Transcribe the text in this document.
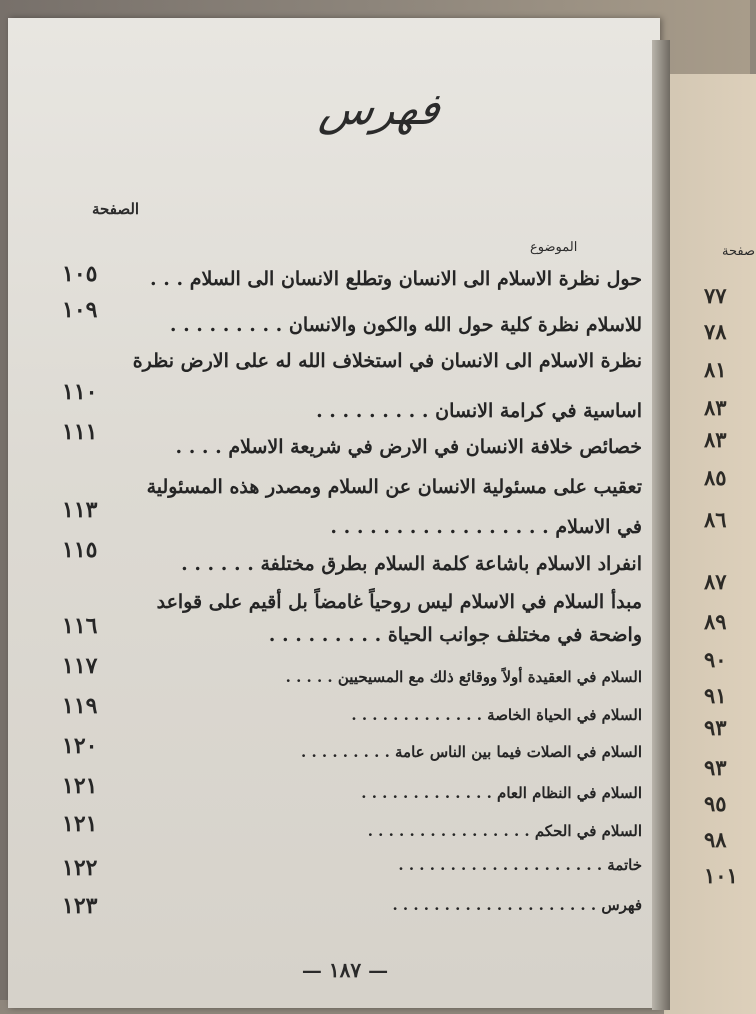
فهرس
الصفحة
الموضوع	صفحة
حول نظرة الاسلام الى الانسان وتطلع الانسان الى السلام . . .
١٠٥
للاسلام نظرة كلية حول الله والكون والانسان . . . . . . . . .
١٠٩
نظرة الاسلام الى الانسان في استخلاف الله له على الارض نظرة
اساسية في كرامة الانسان . . . . . . . . .
١١٠
خصائص خلافة الانسان في الارض في شريعة الاسلام . . . .
١١١
تعقيب على مسئولية الانسان عن السلام ومصدر هذه المسئولية
في الاسلام . . . . . . . . . . . . . . . . .
١١٣
انفراد الاسلام باشاعة كلمة السلام بطرق مختلفة . . . . . .
١١٥
مبدأ السلام في الاسلام ليس روحياً غامضاً بل أقيم على قواعد
واضحة في مختلف جوانب الحياة . . . . . . . . .
١١٦
السلام في العقيدة أولاً ووقائع ذلك مع المسيحيين . . . . .
١١٧
السلام في الحياة الخاصة . . . . . . . . . . . . .
١١٩
السلام في الصلات فيما بين الناس عامة . . . . . . . . .
١٢٠
السلام في النظام العام . . . . . . . . . . . . .
١٢١
السلام في الحكم . . . . . . . . . . . . . . . .
١٢١
خاتمة . . . . . . . . . . . . . . . . . . . .
١٢٢
فهرس . . . . . . . . . . . . . . . . . . . .
١٢٣
٧٧
٧٨
٨١
٨٣
٨٣
٨٥
٨٦
٨٧
٨٩
٩٠
٩١
٩٣
٩٣
٩٥
٩٨
١٠١
— ١٨٧ —
